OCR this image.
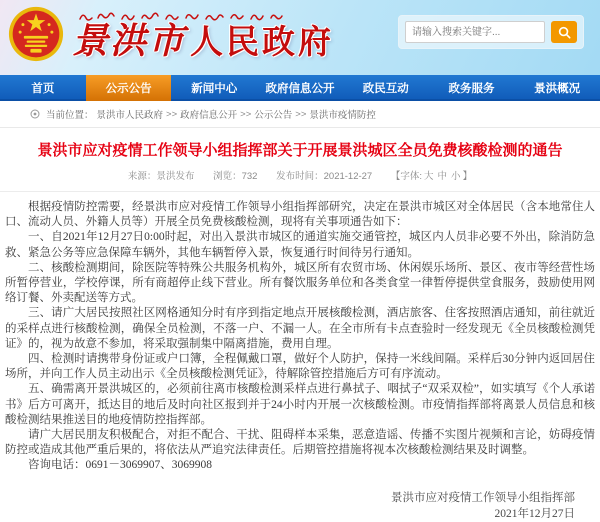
景洪市 人民政府
请输入搜索关键字...
首页	公示公告	新闻中心	政府信息公开	政民互动	政务服务	景洪概况
当前位置： 景洪市人民政府 >> 政府信息公开 >> 公示公告 >> 景洪市疫情防控
景洪市应对疫情工作领导小组指挥部关于开展景洪城区全员免费核酸检测的通告
来源：景洪发布 浏览：732 发布时间：2021-12-27 【字体: 大 中 小 】

根据疫情防控需要，经景洪市应对疫情工作领导小组指挥部研究，决定在景洪市城区对全体居民（含本地常住人口、流动人员、外籍人员等）开展全员免费核酸检测，现将有关事项通告如下：

一、自2021年12月27日0:00时起，对出入景洪市城区的通道实施交通管控，城区内人员非必要不外出，除消防急救、紧急公务等应急保障车辆外，其他车辆暂停入景，恢复通行时间待另行通知。

二、核酸检测期间，除医院等特殊公共服务机构外，城区所有农贸市场、休闲娱乐场所、景区、夜市等经营性场所暂停营业，学校停课，所有商超停止线下营业。所有餐饮服务单位和各类食堂一律暂停提供堂食服务，鼓励使用网络订餐、外卖配送等方式。

三、请广大居民按照社区网格通知分时有序到指定地点开展核酸检测，酒店旅客、住客按照酒店通知，前往就近的采样点进行核酸检测，确保全员检测，不落一户、不漏一人。在全市所有卡点查验时一经发现无《全员核酸检测凭证》的，视为故意不参加，将采取强制集中隔离措施，费用自理。

四、检测时请携带身份证或户口簿，全程佩戴口罩，做好个人防护，保持一米线间隔。采样后30分钟内返回居住场所，并向工作人员主动出示《全员核酸检测凭证》，待解除管控措施后方可有序流动。

五、确需离开景洪城区的，必须前往离市核酸检测采样点进行鼻拭子、咽拭子“双采双检”，如实填写《个人承诺书》后方可离开，抵达目的地后及时向社区报到并于24小时内开展一次核酸检测。市疫情指挥部将离景人员信息和核酸检测结果推送目的地疫情防控指挥部。

请广大居民朋友积极配合，对拒不配合、干扰、阻碍样本采集，恶意造谣、传播不实图片视频和言论，妨碍疫情防控或造成其他严重后果的，将依法从严追究法律责任。后期管控措施将视本次核酸检测结果及时调整。

咨询电话：0691－3069907、3069908

景洪市应对疫情工作领导小组指挥部
2021年12月27日
